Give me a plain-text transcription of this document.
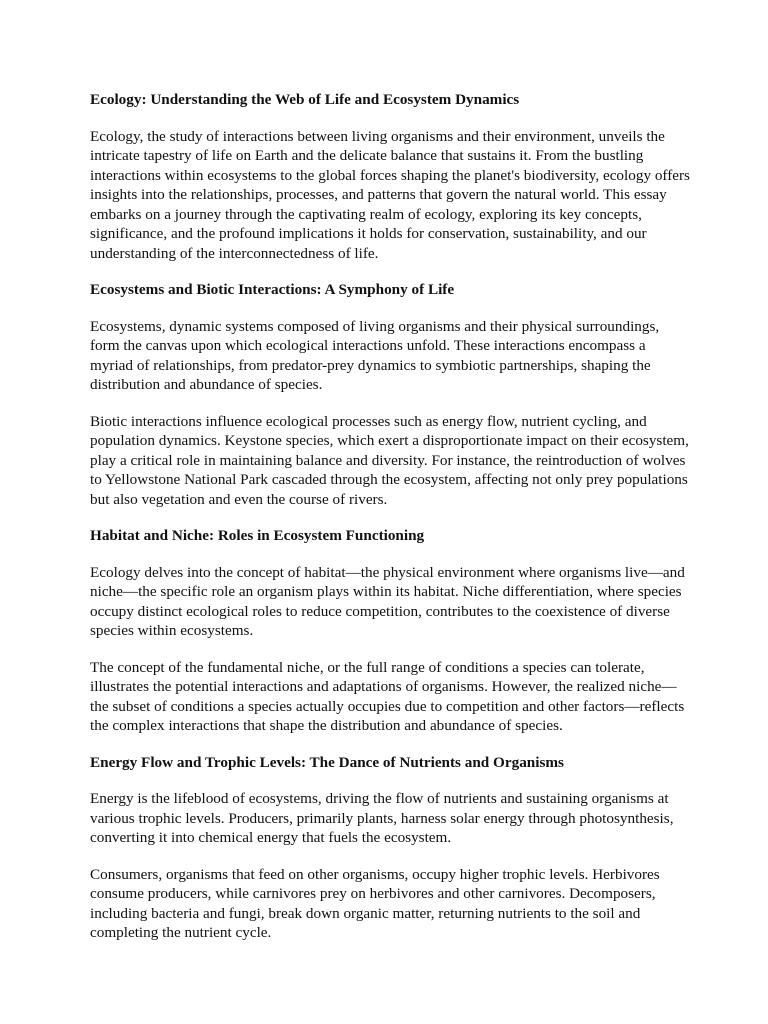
Ecology: Understanding the Web of Life and Ecosystem Dynamics

Ecology, the study of interactions between living organisms and their environment, unveils the intricate tapestry of life on Earth and the delicate balance that sustains it. From the bustling interactions within ecosystems to the global forces shaping the planet's biodiversity, ecology offers insights into the relationships, processes, and patterns that govern the natural world. This essay embarks on a journey through the captivating realm of ecology, exploring its key concepts, significance, and the profound implications it holds for conservation, sustainability, and our understanding of the interconnectedness of life.

Ecosystems and Biotic Interactions: A Symphony of Life

Ecosystems, dynamic systems composed of living organisms and their physical surroundings, form the canvas upon which ecological interactions unfold. These interactions encompass a myriad of relationships, from predator-prey dynamics to symbiotic partnerships, shaping the distribution and abundance of species.

Biotic interactions influence ecological processes such as energy flow, nutrient cycling, and population dynamics. Keystone species, which exert a disproportionate impact on their ecosystem, play a critical role in maintaining balance and diversity. For instance, the reintroduction of wolves to Yellowstone National Park cascaded through the ecosystem, affecting not only prey populations but also vegetation and even the course of rivers.

Habitat and Niche: Roles in Ecosystem Functioning

Ecology delves into the concept of habitat—the physical environment where organisms live—and niche—the specific role an organism plays within its habitat. Niche differentiation, where species occupy distinct ecological roles to reduce competition, contributes to the coexistence of diverse species within ecosystems.

The concept of the fundamental niche, or the full range of conditions a species can tolerate, illustrates the potential interactions and adaptations of organisms. However, the realized niche—the subset of conditions a species actually occupies due to competition and other factors—reflects the complex interactions that shape the distribution and abundance of species.

Energy Flow and Trophic Levels: The Dance of Nutrients and Organisms

Energy is the lifeblood of ecosystems, driving the flow of nutrients and sustaining organisms at various trophic levels. Producers, primarily plants, harness solar energy through photosynthesis, converting it into chemical energy that fuels the ecosystem.

Consumers, organisms that feed on other organisms, occupy higher trophic levels. Herbivores consume producers, while carnivores prey on herbivores and other carnivores. Decomposers, including bacteria and fungi, break down organic matter, returning nutrients to the soil and completing the nutrient cycle.
